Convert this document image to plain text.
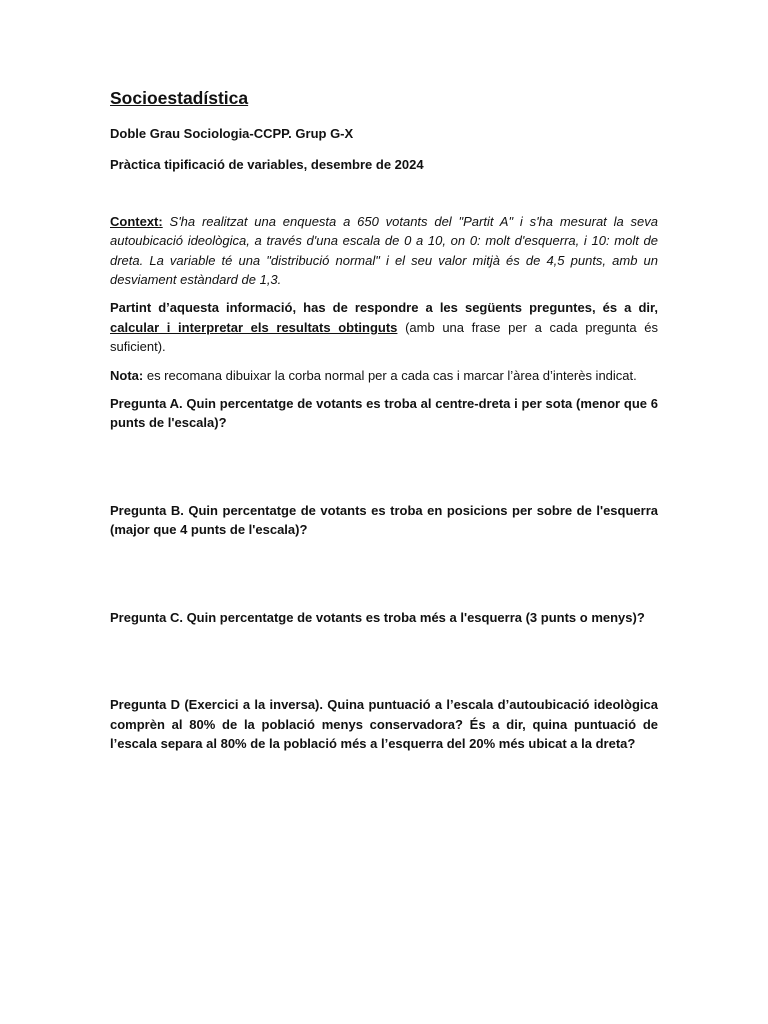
Socioestadística
Doble Grau Sociologia-CCPP. Grup G-X
Pràctica tipificació de variables, desembre de 2024

Context: S'ha realitzat una enquesta a 650 votants del "Partit A" i s'ha mesurat la seva autoubicació ideològica, a través d'una escala de 0 a 10, on 0: molt d'esquerra, i 10: molt de dreta. La variable té una "distribució normal" i el seu valor mitjà és de 4,5 punts, amb un desviament estàndard de 1,3.

Partint d’aquesta informació, has de respondre a les següents preguntes, és a dir, calcular i interpretar els resultats obtinguts (amb una frase per a cada pregunta és suficient).

Nota: es recomana dibuixar la corba normal per a cada cas i marcar l’àrea d’interès indicat.

Pregunta A. Quin percentatge de votants es troba al centre-dreta i per sota (menor que 6 punts de l'escala)?

Pregunta B. Quin percentatge de votants es troba en posicions per sobre de l'esquerra (major que 4 punts de l'escala)?

Pregunta C. Quin percentatge de votants es troba més a l'esquerra (3 punts o menys)?

Pregunta D (Exercici a la inversa). Quina puntuació a l’escala d’autoubicació ideològica comprèn al 80% de la població menys conservadora? És a dir, quina puntuació de l’escala separa al 80% de la població més a l’esquerra del 20% més ubicat a la dreta?
